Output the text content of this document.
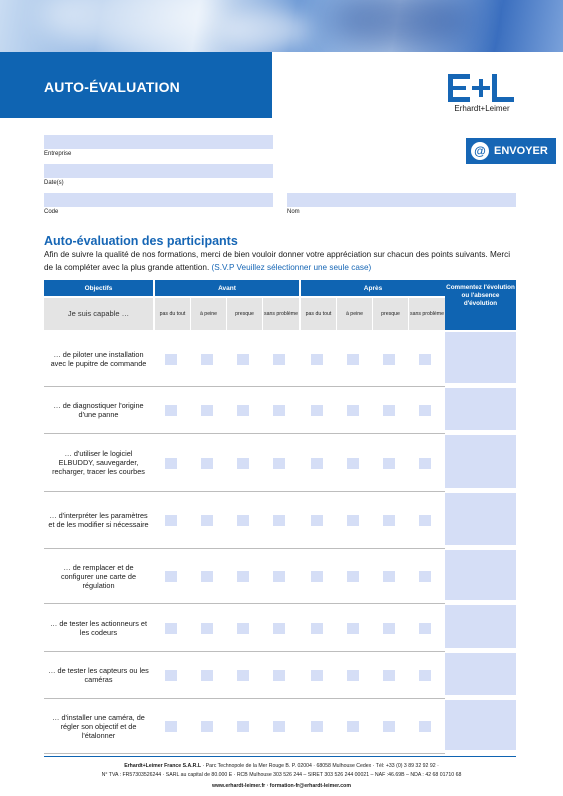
AUTO-ÉVALUATION
Erhardt+Leimer
@ ENVOYER
Entreprise
Date(s)
Code	Nom
Auto-évaluation des participants
Afin de suivre la qualité de nos formations, merci de bien vouloir donner votre appréciation sur chacun des points suivants. Merci de la compléter avec la plus grande attention. (S.V.P Veuillez sélectionner une seule case)
Objectifs	Avant	Après	Commentez l'évolution ou l'absence d'évolution
Je suis capable …	pas du tout	à peine	presque	sans problème	pas du tout	à peine	presque	sans problème
… de piloter une installation avec le pupitre de commande
… de diagnostiquer l'origine d'une panne
… d'utiliser le logiciel ELBUDDY, sauvegarder, recharger, tracer les courbes
… d'interpréter les paramètres et de les modifier si nécessaire
… de remplacer et de configurer une carte de régulation
… de tester les actionneurs et les codeurs
… de tester les capteurs ou les caméras
… d'installer une caméra, de régler son objectif et de l'étalonner
Erhardt+Leimer France S.A.R.L · Parc Technopole de la Mer Rouge B. P. 02004 · 68058 Mulhouse Cedex · Tél: +33 (0) 3 89 32 92 92 ·
N° TVA : FR57303526244 · SARL au capital de 80.000 E · RCB Mulhouse 303 526 244 – SIRET 303 526 244 00021 – NAF :46.69B – NDA : 42 68 01710 68
www.erhardt-leimer.fr · formation-fr@erhardt-leimer.com
